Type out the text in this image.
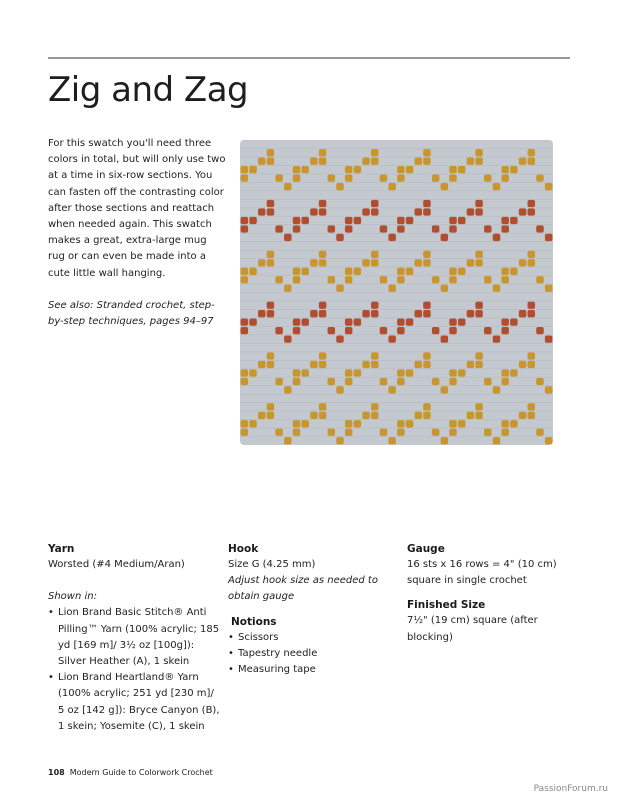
Zig and Zag

For this swatch you'll need three colors in total, but will only use two at a time in six-row sections. You can fasten off the contrasting color after those sections and reattach when needed again. This swatch makes a great, extra-large mug rug or can even be made into a cute little wall hanging.

See also: Stranded crochet, step-by-step techniques, pages 94–97

Yarn
Worsted (#4 Medium/Aran)
Shown in:
• Lion Brand Basic Stitch® Anti Pilling™ Yarn (100% acrylic; 185 yd [169 m]/ 3½ oz [100g]): Silver Heather (A), 1 skein
• Lion Brand Heartland® Yarn (100% acrylic; 251 yd [230 m]/ 5 oz [142 g]): Bryce Canyon (B), 1 skein; Yosemite (C), 1 skein
Hook
Size G (4.25 mm)
Adjust hook size as needed to obtain gauge
Notions
• Scissors
• Tapestry needle
• Measuring tape
Gauge
16 sts x 16 rows = 4" (10 cm) square in single crochet
Finished Size
7½" (19 cm) square (after blocking)
108 Modern Guide to Colorwork Crochet
PassionForum.ru
